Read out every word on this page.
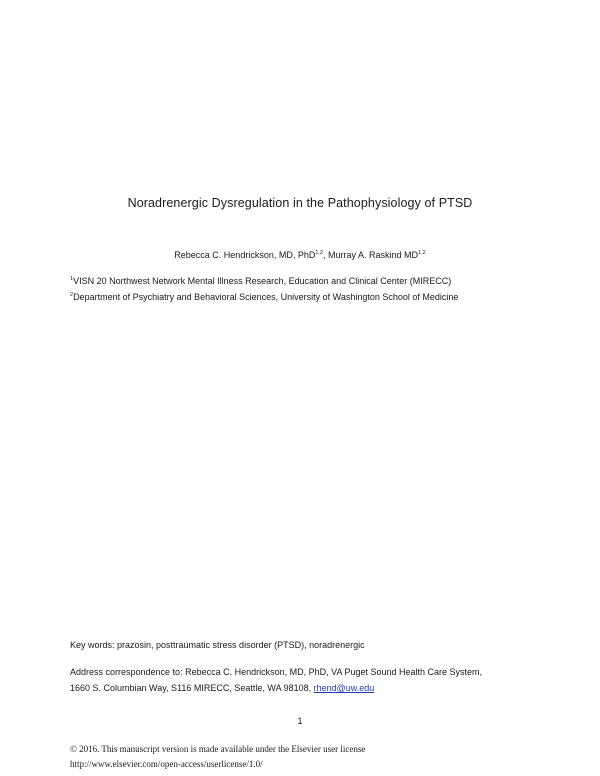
Noradrenergic Dysregulation in the Pathophysiology of PTSD
Rebecca C. Hendrickson, MD, PhD$^{1,2}$, Murray A. Raskind MD$^{1,2}$
$^1$VISN 20 Northwest Network Mental Illness Research, Education and Clinical Center (MIRECC)
$^2$Department of Psychiatry and Behavioral Sciences, University of Washington School of Medicine
Key words: prazosin, posttraumatic stress disorder (PTSD), noradrenergic
Address correspondence to: Rebecca C. Hendrickson, MD, PhD, VA Puget Sound Health Care System,
1660 S. Columbian Way, S116 MIRECC, Seattle, WA 98108, rhend@uw.edu
1
© 2016. This manuscript version is made available under the Elsevier user license
http://www.elsevier.com/open-access/userlicense/1.0/
